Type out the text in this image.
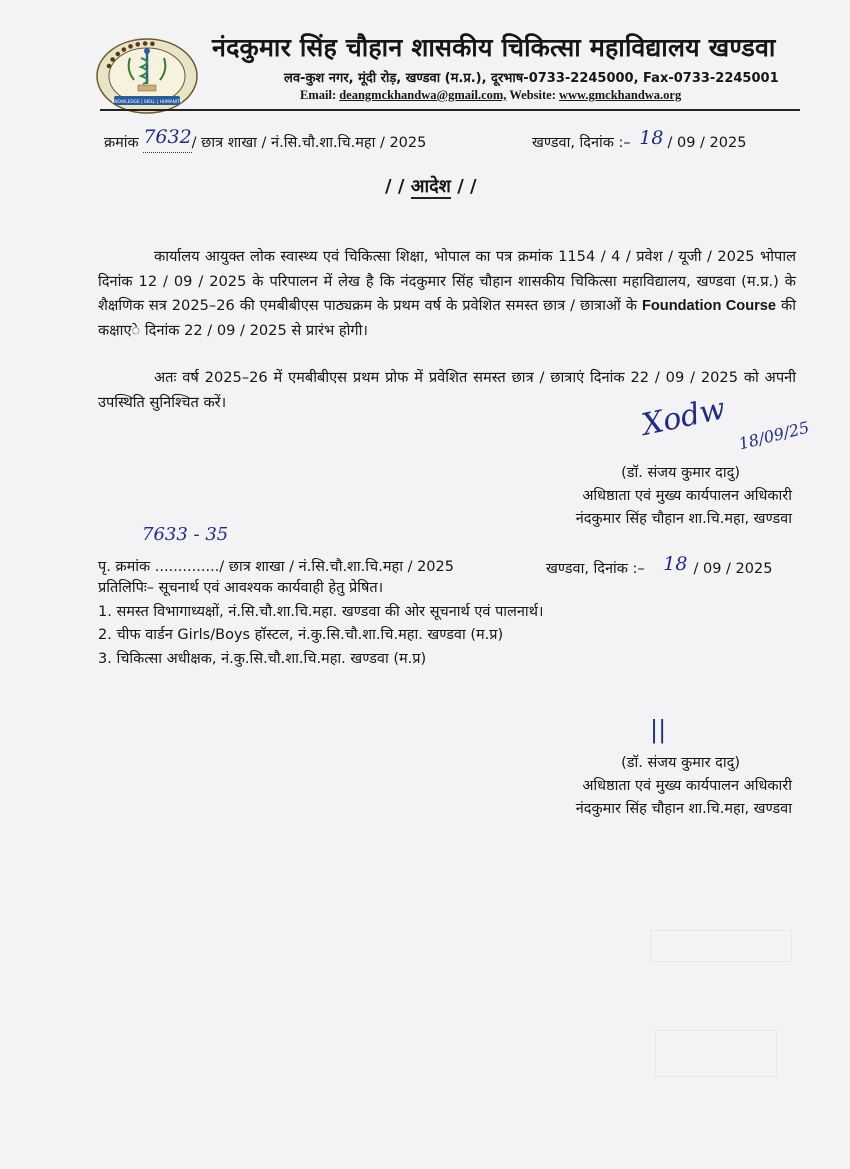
● ● ● ● ● ● ● ●
KNOWLEDGE | SKILL | HUMANITY
नंदकुमार सिंह चौहान शासकीय चिकित्सा महाविद्यालय खण्डवा
लव-कुश नगर, मूंदी रोड़, खण्डवा (म.प्र.), दूरभाष-0733-2245000, Fax-0733-2245001
Email: deangmckhandwa@gmail.com, Website: www.gmckhandwa.org
क्रमांक 7632/ छात्र शाखा / नं.सि.चौ.शा.चि.महा / 2025	खण्डवा, दिनांक :– 18 / 09 / 2025
/ / आदेश / /
कार्यालय आयुक्त लोक स्वास्थ्य एवं चिकित्सा शिक्षा, भोपाल का पत्र क्रमांक 1154 / 4 / प्रवेश / यूजी / 2025 भोपाल दिनांक 12 / 09 / 2025 के परिपालन में लेख है कि नंदकुमार सिंह चौहान शासकीय चिकित्सा महाविद्यालय, खण्डवा (म.प्र.) के शैक्षणिक सत्र 2025–26 की एमबीबीएस पाठ्यक्रम के प्रथम वर्ष के प्रवेशित समस्त छात्र / छात्राओं के Foundation Course की कक्षाएे दिनांक 22 / 09 / 2025 से प्रारंभ होगी।
अतः वर्ष 2025–26 में एमबीबीएस प्रथम प्रोफ में प्रवेशित समस्त छात्र / छात्राएं दिनांक 22 / 09 / 2025 को अपनी उपस्थिति सुनिश्चित करें।	Xodw 18/09/25
(डॉ. संजय कुमार दादु)
अधिष्ठाता एवं मुख्य कार्यपालन अधिकारी
नंदकुमार सिंह चौहान शा.चि.महा, खण्डवा
7633 - 35
पृ. क्रमांक ............../ छात्र शाखा / नं.सि.चौ.शा.चि.महा / 2025	खण्डवा, दिनांक :– 18 / 09 / 2025
प्रतिलिपिः– सूचनार्थ एवं आवश्यक कार्यवाही हेतु प्रेषित।
1. समस्त विभागाध्यक्षों, नं.सि.चौ.शा.चि.महा. खण्डवा की ओर सूचनार्थ एवं पालनार्थ।
2. चीफ वार्डन Girls/Boys हॉस्टल, नं.कु.सि.चौ.शा.चि.महा. खण्डवा (म.प्र)
3. चिकित्सा अधीक्षक, नं.कु.सि.चौ.शा.चि.महा. खण्डवा (म.प्र)
||
(डॉ. संजय कुमार दादु)
अधिष्ठाता एवं मुख्य कार्यपालन अधिकारी
नंदकुमार सिंह चौहान शा.चि.महा, खण्डवा
